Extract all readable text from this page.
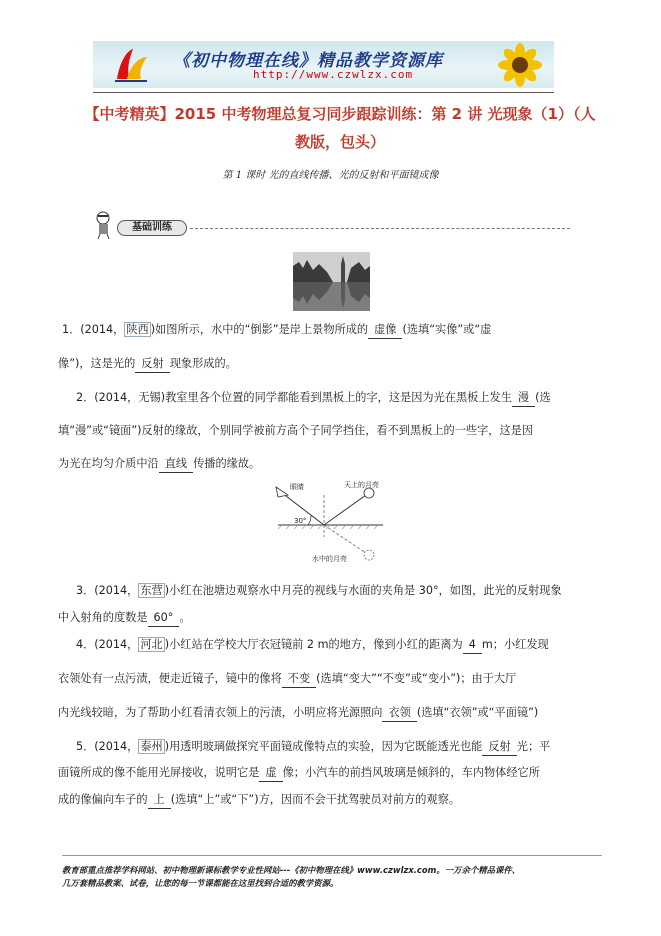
《初中物理在线》精品教学资源库
http://www.czwlzx.com
【中考精英】2015 中考物理总复习同步跟踪训练：第 2 讲 光现象（1）（人
教版，包头）
第 1 课时 光的直线传播、光的反射和平面镜成像
基础训练
1．(2014， 陕西 )如图所示，水中的“倒影”是岸上景物所成的 虚像 (选填“实像”或“虚
像”)，这是光的 反射 现象形成的。
2．(2014，无锡)教室里各个位置的同学都能看到黑板上的字，这是因为光在黑板上发生 漫 (选
填“漫”或“镜面”)反射的缘故，个别同学被前方高个子同学挡住，看不到黑板上的一些字，这是因
为光在均匀介质中沿 直线 传播的缘故。
眼睛	天上的月亮
水中的月亮
30°
3．(2014， 东营 )小红在池塘边观察水中月亮的视线与水面的夹角是 30°，如图，此光的反射现象
中入射角的度数是 60° 。
4．(2014， 河北 )小红站在学校大厅衣冠镜前 2 m的地方，像到小红的距离为 4 m；小红发现
衣领处有一点污渍，便走近镜子，镜中的像将 不变 (选填“变大”“不变”或“变小”)；由于大厅
内光线较暗，为了帮助小红看清衣领上的污渍，小明应将光源照向 衣领 (选填“衣领”或“平面镜”)
5．(2014， 泰州 )用透明玻璃做探究平面镜成像特点的实验，因为它既能透光也能 反射 光；平
面镜所成的像不能用光屏接收，说明它是 虚 像；小汽车的前挡风玻璃是倾斜的，车内物体经它所
成的像偏向车子的 上 (选填“上”或“下”)方，因而不会干扰驾驶员对前方的观察。
教育部重点推荐学科网站、初中物理新课标教学专业性网站---《初中物理在线》www.czwlzx.com。一万余个精品课件、
几万套精品教案、试卷，让您的每一节课都能在这里找到合适的教学资源。
